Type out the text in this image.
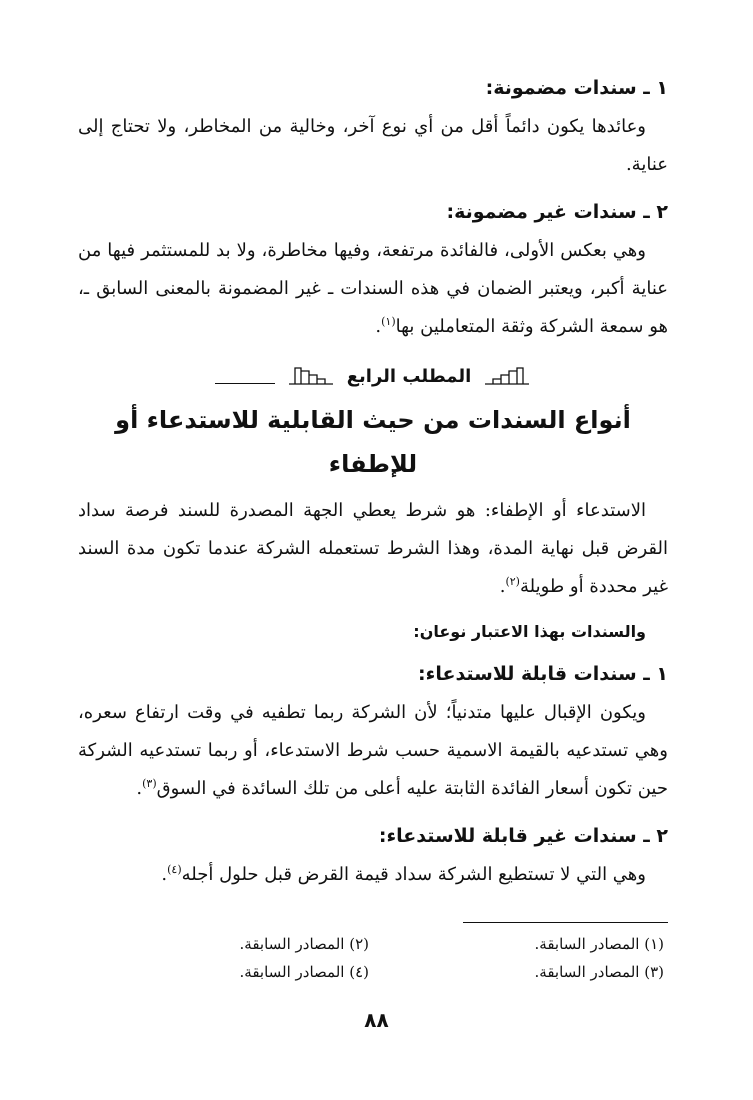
١ ـ سندات مضمونة:

وعائدها يكون دائماً أقل من أي نوع آخر، وخالية من المخاطر، ولا تحتاج إلى عناية.

٢ ـ سندات غير مضمونة:

وهي بعكس الأولى، فالفائدة مرتفعة، وفيها مخاطرة، ولا بد للمستثمر فيها من عناية أكبر، ويعتبر الضمان في هذه السندات ـ غير المضمونة بالمعنى السابق ـ، هو سمعة الشركة وثقة المتعاملين بها$^{(١)}$.

المطلب الرابع
أنواع السندات من حيث القابلية للاستدعاء أو للإطفاء

الاستدعاء أو الإطفاء: هو شرط يعطي الجهة المصدرة للسند فرصة سداد القرض قبل نهاية المدة، وهذا الشرط تستعمله الشركة عندما تكون مدة السند غير محددة أو طويلة$^{(٢)}$.

والسندات بهذا الاعتبار نوعان:

١ ـ سندات قابلة للاستدعاء:

ويكون الإقبال عليها متدنياً؛ لأن الشركة ربما تطفيه في وقت ارتفاع سعره، وهي تستدعيه بالقيمة الاسمية حسب شرط الاستدعاء، أو ربما تستدعيه الشركة حين تكون أسعار الفائدة الثابتة عليه أعلى من تلك السائدة في السوق$^{(٣)}$.

٢ ـ سندات غير قابلة للاستدعاء:

وهي التي لا تستطيع الشركة سداد قيمة القرض قبل حلول أجله$^{(٤)}$.

(١) المصادر السابقة.
(٢) المصادر السابقة.
(٣) المصادر السابقة.
(٤) المصادر السابقة.
٨٨
